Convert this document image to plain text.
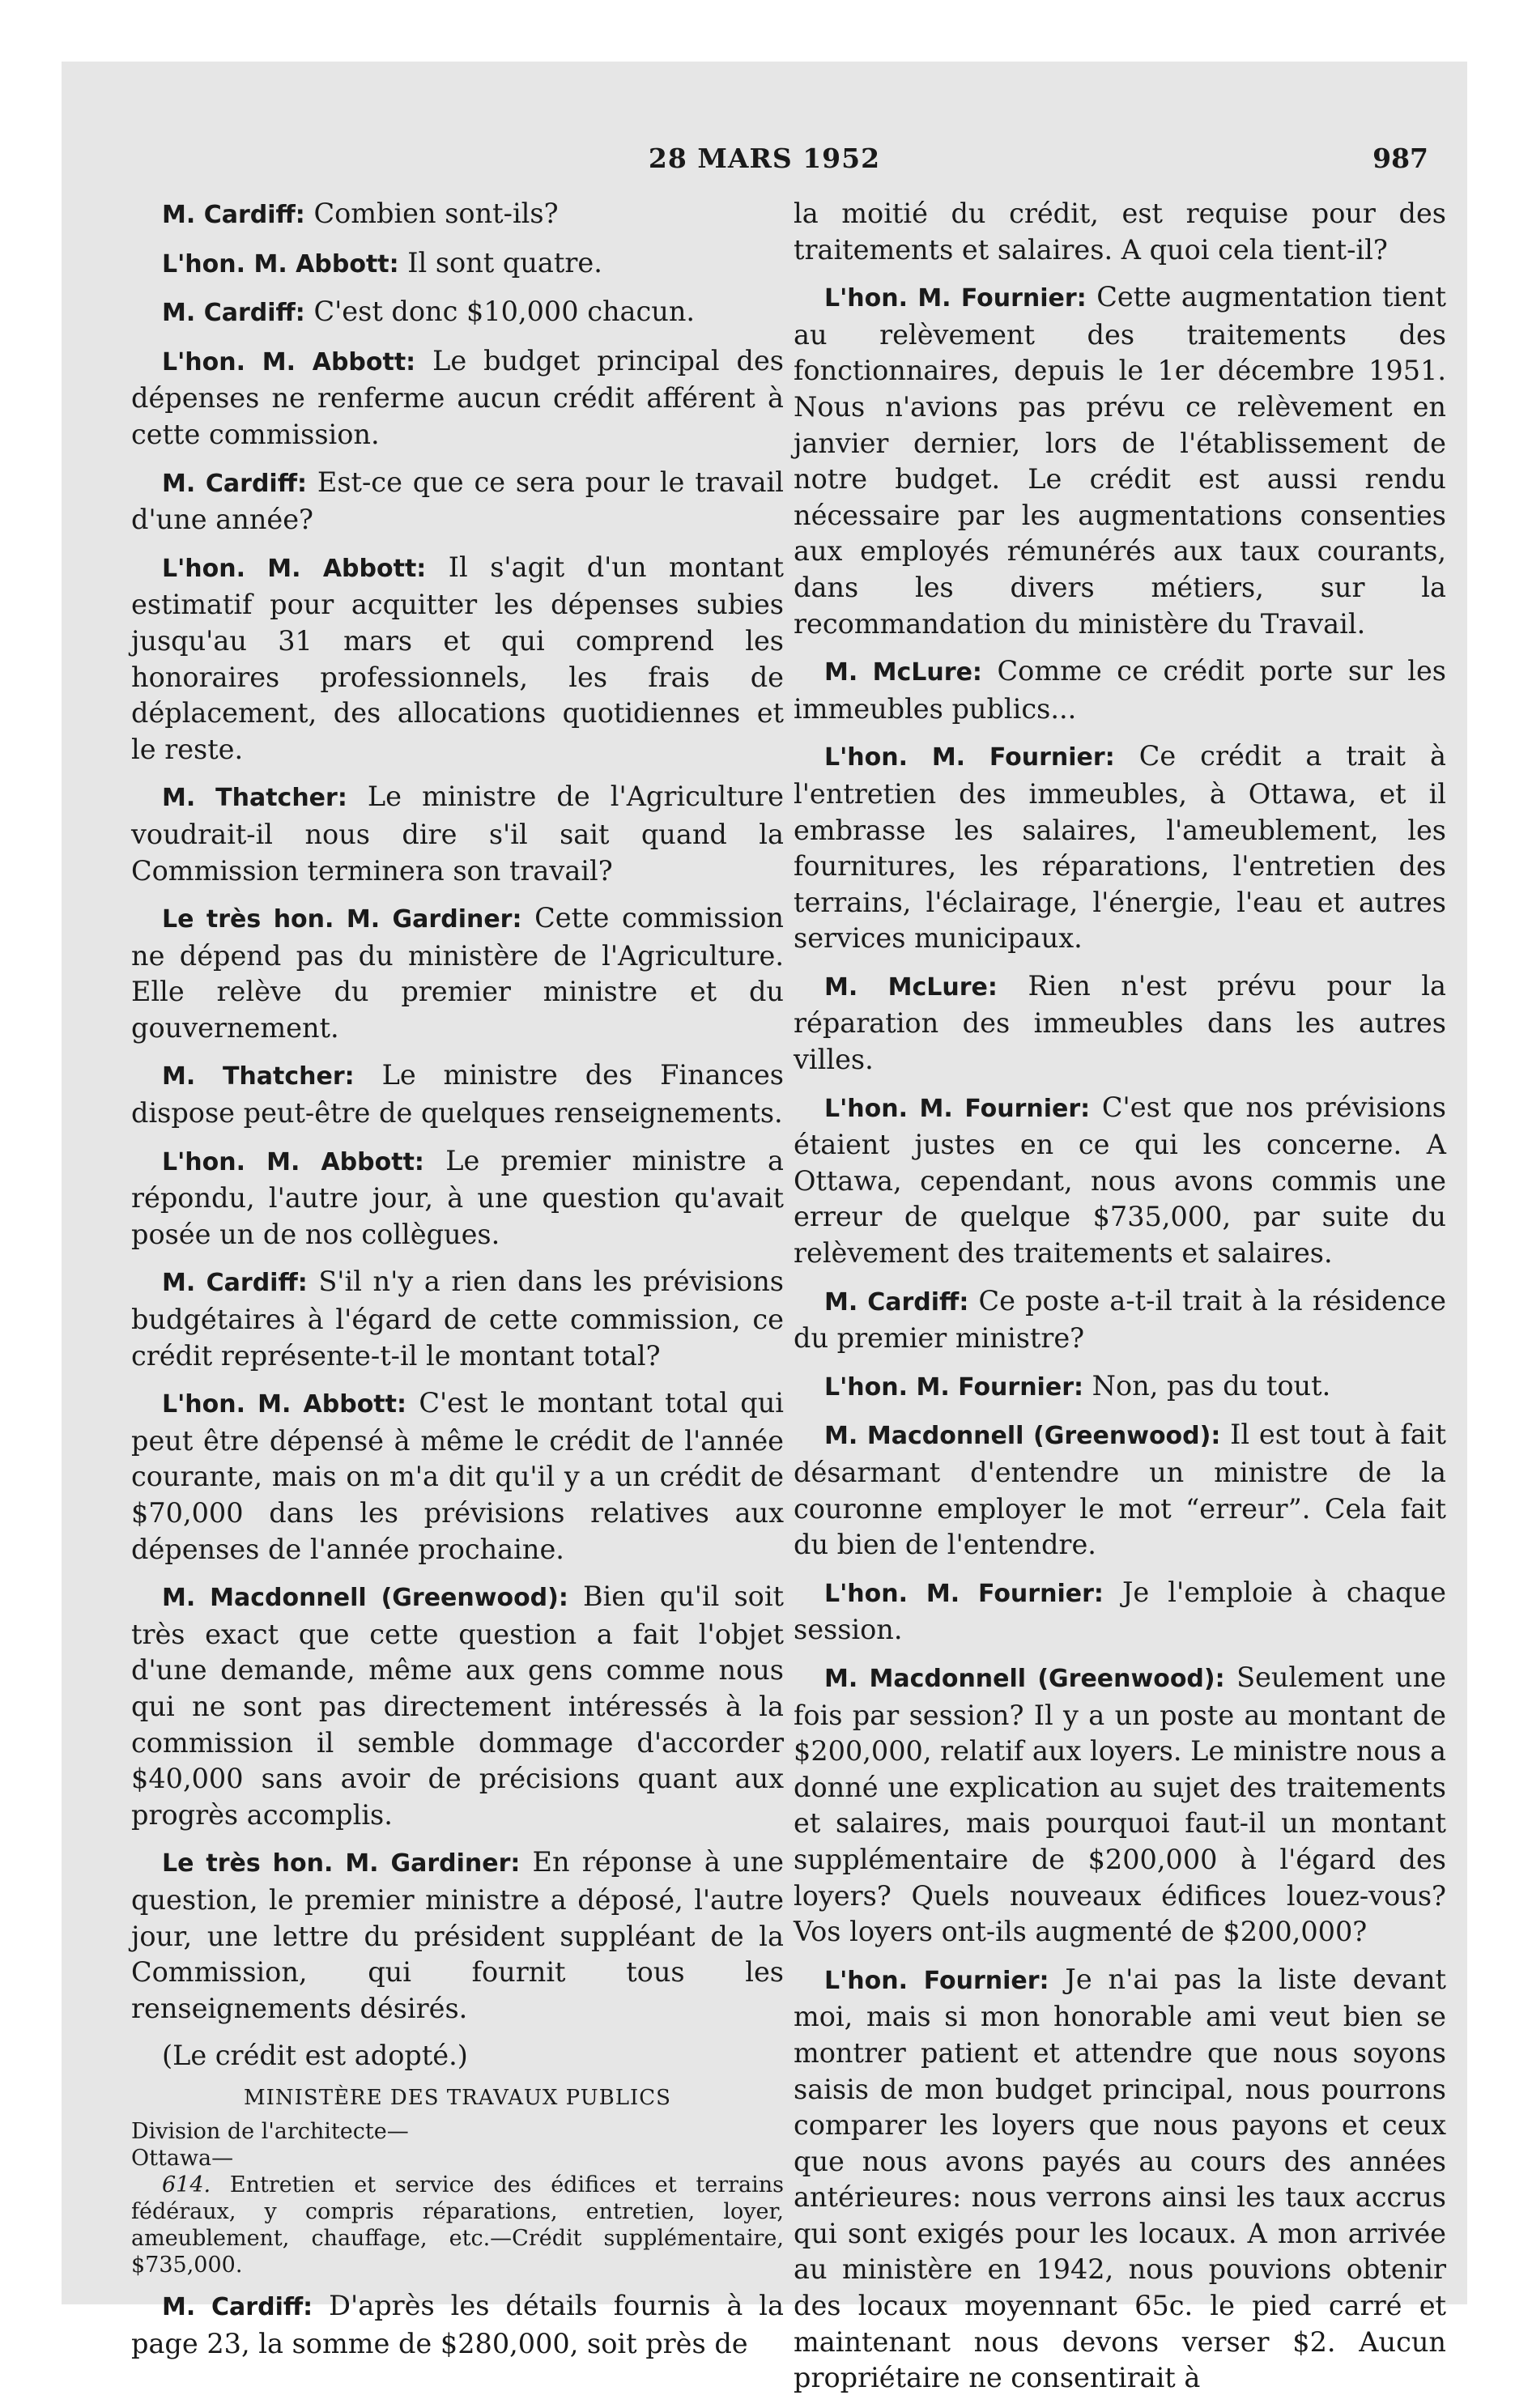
28 MARS 1952	987

M. Cardiff: Combien sont-ils?

L'hon. M. Abbott: Il sont quatre.

M. Cardiff: C'est donc $10,000 chacun.

L'hon. M. Abbott: Le budget principal des dépenses ne renferme aucun crédit afférent à cette commission.

M. Cardiff: Est-ce que ce sera pour le travail d'une année?

L'hon. M. Abbott: Il s'agit d'un montant estimatif pour acquitter les dépenses subies jusqu'au 31 mars et qui comprend les honoraires professionnels, les frais de déplacement, des allocations quotidiennes et le reste.

M. Thatcher: Le ministre de l'Agriculture voudrait-il nous dire s'il sait quand la Commission terminera son travail?

Le très hon. M. Gardiner: Cette commission ne dépend pas du ministère de l'Agriculture. Elle relève du premier ministre et du gouvernement.

M. Thatcher: Le ministre des Finances dispose peut-être de quelques renseignements.

L'hon. M. Abbott: Le premier ministre a répondu, l'autre jour, à une question qu'avait posée un de nos collègues.

M. Cardiff: S'il n'y a rien dans les prévisions budgétaires à l'égard de cette commission, ce crédit représente-t-il le montant total?

L'hon. M. Abbott: C'est le montant total qui peut être dépensé à même le crédit de l'année courante, mais on m'a dit qu'il y a un crédit de $70,000 dans les prévisions relatives aux dépenses de l'année prochaine.

M. Macdonnell (Greenwood): Bien qu'il soit très exact que cette question a fait l'objet d'une demande, même aux gens comme nous qui ne sont pas directement intéressés à la commission il semble dommage d'accorder $40,000 sans avoir de précisions quant aux progrès accomplis.

Le très hon. M. Gardiner: En réponse à une question, le premier ministre a déposé, l'autre jour, une lettre du président suppléant de la Commission, qui fournit tous les renseignements désirés.

(Le crédit est adopté.)

MINISTÈRE DES TRAVAUX PUBLICS

Division de l'architecte—

Ottawa—

614. Entretien et service des édifices et terrains fédéraux, y compris réparations, entretien, loyer, ameublement, chauffage, etc.—Crédit supplémentaire, $735,000.

M. Cardiff: D'après les détails fournis à la page 23, la somme de $280,000, soit près de

la moitié du crédit, est requise pour des traitements et salaires. A quoi cela tient-il?

L'hon. M. Fournier: Cette augmentation tient au relèvement des traitements des fonctionnaires, depuis le 1er décembre 1951. Nous n'avions pas prévu ce relèvement en janvier dernier, lors de l'établissement de notre budget. Le crédit est aussi rendu nécessaire par les augmentations consenties aux employés rémunérés aux taux courants, dans les divers métiers, sur la recommandation du ministère du Travail.

M. McLure: Comme ce crédit porte sur les immeubles publics...

L'hon. M. Fournier: Ce crédit a trait à l'entretien des immeubles, à Ottawa, et il embrasse les salaires, l'ameublement, les fournitures, les réparations, l'entretien des terrains, l'éclairage, l'énergie, l'eau et autres services municipaux.

M. McLure: Rien n'est prévu pour la réparation des immeubles dans les autres villes.

L'hon. M. Fournier: C'est que nos prévisions étaient justes en ce qui les concerne. A Ottawa, cependant, nous avons commis une erreur de quelque $735,000, par suite du relèvement des traitements et salaires.

M. Cardiff: Ce poste a-t-il trait à la résidence du premier ministre?

L'hon. M. Fournier: Non, pas du tout.

M. Macdonnell (Greenwood): Il est tout à fait désarmant d'entendre un ministre de la couronne employer le mot “erreur”. Cela fait du bien de l'entendre.

L'hon. M. Fournier: Je l'emploie à chaque session.

M. Macdonnell (Greenwood): Seulement une fois par session? Il y a un poste au montant de $200,000, relatif aux loyers. Le ministre nous a donné une explication au sujet des traitements et salaires, mais pourquoi faut-il un montant supplémentaire de $200,000 à l'égard des loyers? Quels nouveaux édifices louez-vous? Vos loyers ont-ils augmenté de $200,000?

L'hon. Fournier: Je n'ai pas la liste devant moi, mais si mon honorable ami veut bien se montrer patient et attendre que nous soyons saisis de mon budget principal, nous pourrons comparer les loyers que nous payons et ceux que nous avons payés au cours des années antérieures: nous verrons ainsi les taux accrus qui sont exigés pour les locaux. A mon arrivée au ministère en 1942, nous pouvions obtenir des locaux moyennant 65c. le pied carré et maintenant nous devons verser $2. Aucun propriétaire ne consentirait à
